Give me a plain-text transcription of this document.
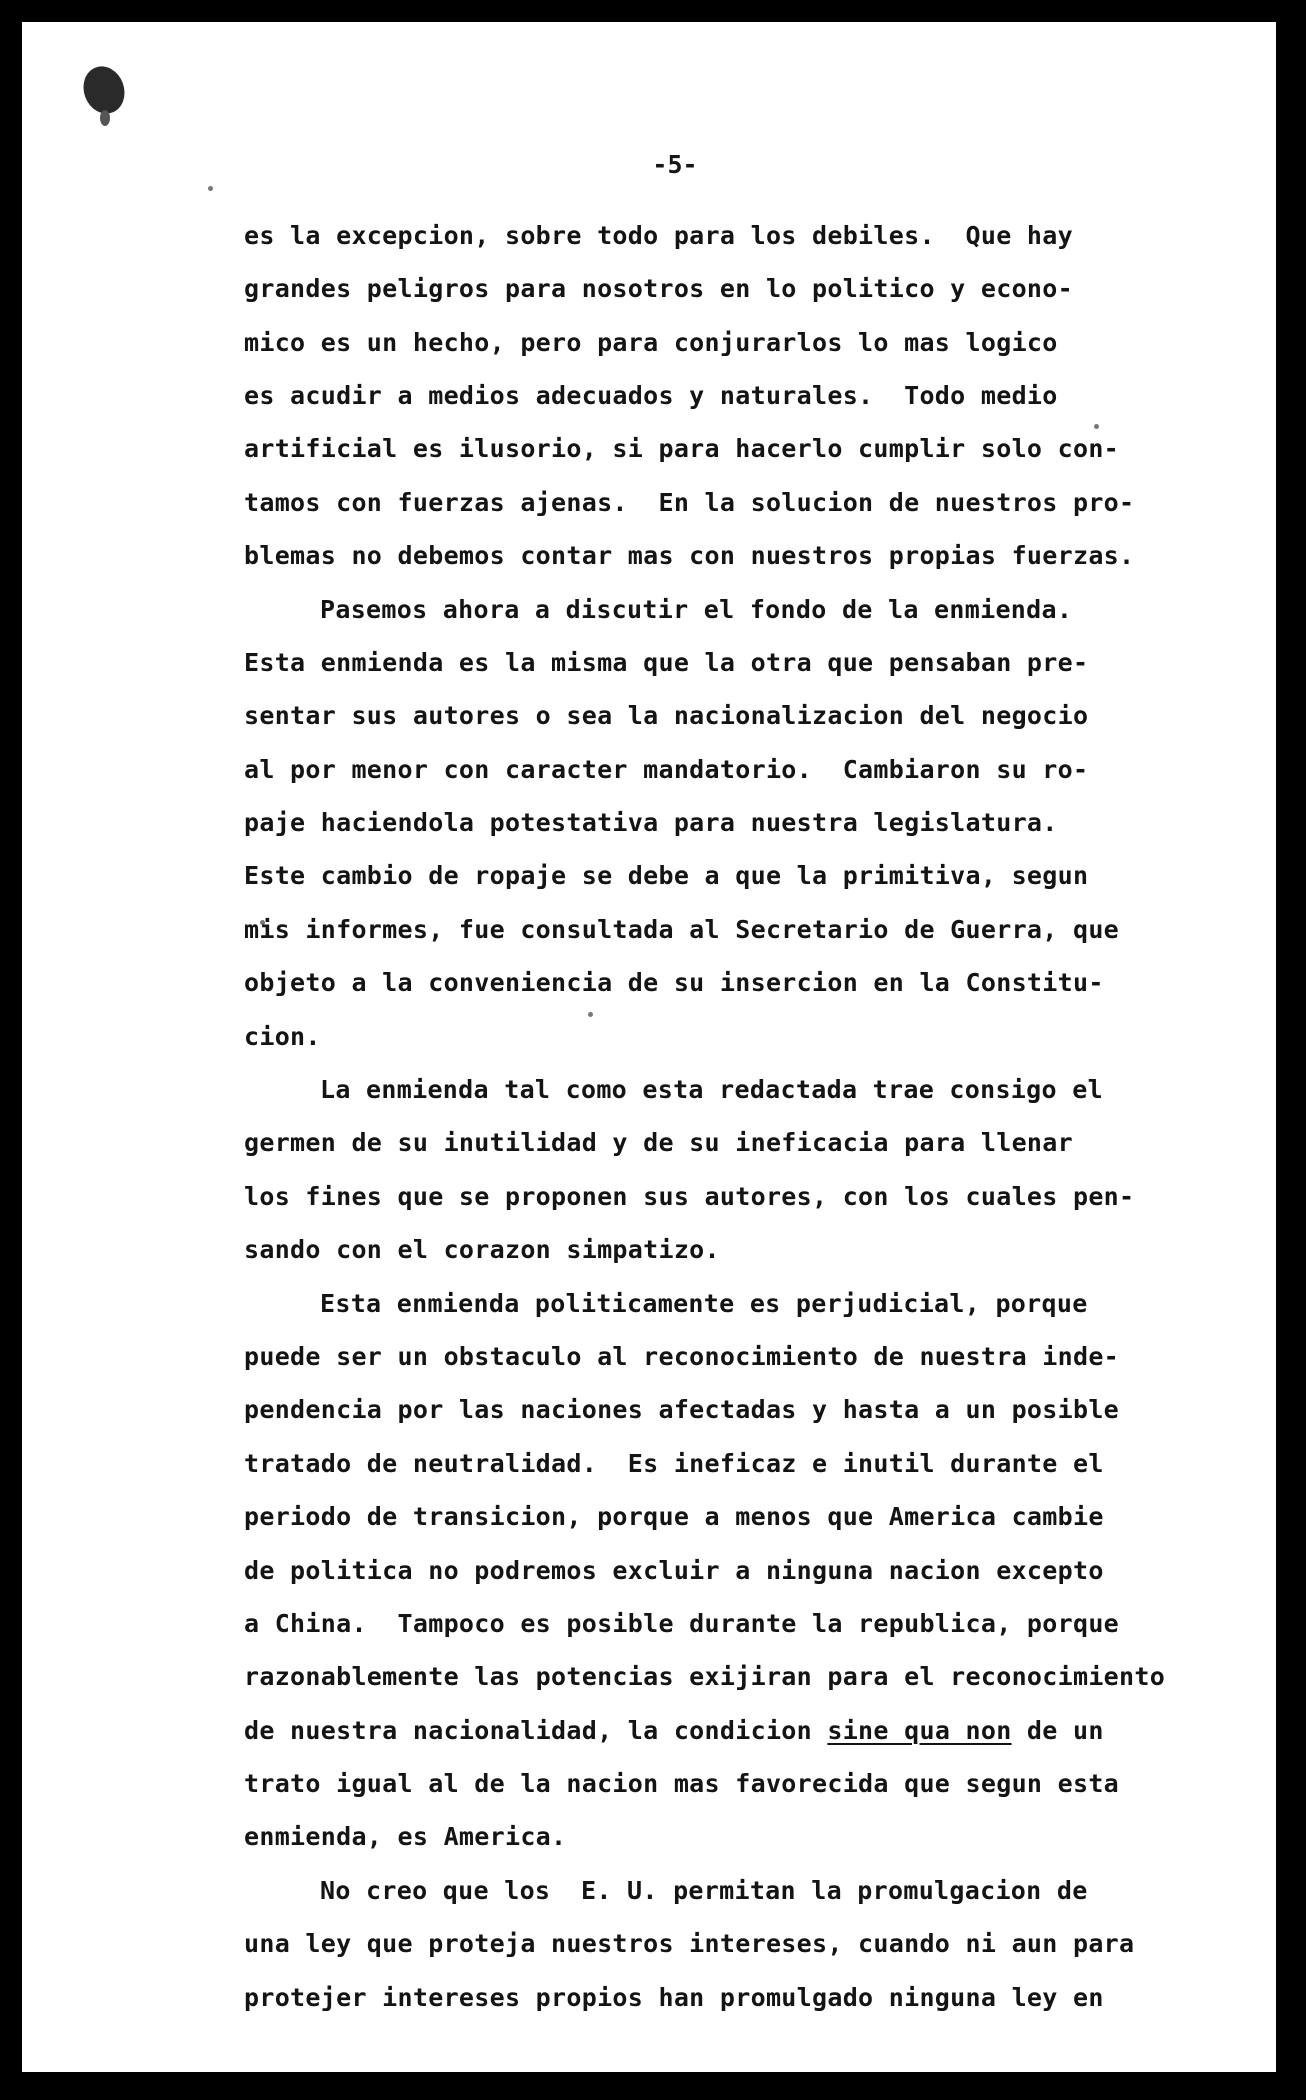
-5-
es la excepcion, sobre todo para los debiles.  Que hay
grandes peligros para nosotros en lo politico y econo-
mico es un hecho, pero para conjurarlos lo mas logico
es acudir a medios adecuados y naturales.  Todo medio
artificial es ilusorio, si para hacerlo cumplir solo con-
tamos con fuerzas ajenas.  En la solucion de nuestros pro-
blemas no debemos contar mas con nuestros propias fuerzas.
Pasemos ahora a discutir el fondo de la enmienda.
Esta enmienda es la misma que la otra que pensaban pre-
sentar sus autores o sea la nacionalizacion del negocio
al por menor con caracter mandatorio.  Cambiaron su ro-
paje haciendola potestativa para nuestra legislatura.
Este cambio de ropaje se debe a que la primitiva, segun
mis informes, fue consultada al Secretario de Guerra, que
objeto a la conveniencia de su insercion en la Constitu-
cion.
La enmienda tal como esta redactada trae consigo el
germen de su inutilidad y de su ineficacia para llenar
los fines que se proponen sus autores, con los cuales pen-
sando con el corazon simpatizo.
Esta enmienda politicamente es perjudicial, porque
puede ser un obstaculo al reconocimiento de nuestra inde-
pendencia por las naciones afectadas y hasta a un posible
tratado de neutralidad.  Es ineficaz e inutil durante el
periodo de transicion, porque a menos que America cambie
de politica no podremos excluir a ninguna nacion excepto
a China.  Tampoco es posible durante la republica, porque
razonablemente las potencias exijiran para el reconocimiento
de nuestra nacionalidad, la condicion sine qua non de un
trato igual al de la nacion mas favorecida que segun esta
enmienda, es America.
No creo que los  E. U. permitan la promulgacion de
una ley que proteja nuestros intereses, cuando ni aun para
protejer intereses propios han promulgado ninguna ley en
